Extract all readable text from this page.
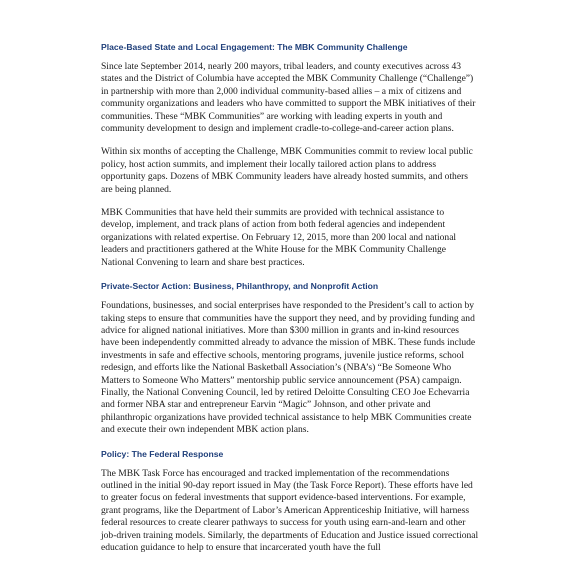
Place-Based State and Local Engagement: The MBK Community Challenge

Since late September 2014, nearly 200 mayors, tribal leaders, and county executives across 43 states and the District of Columbia have accepted the MBK Community Challenge (“Challenge”) in partnership with more than 2,000 individual community-based allies – a mix of citizens and community organizations and leaders who have committed to support the MBK initiatives of their communities. These “MBK Communities” are working with leading experts in youth and community development to design and implement cradle-to-college-and-career action plans.

Within six months of accepting the Challenge, MBK Communities commit to review local public policy, host action summits, and implement their locally tailored action plans to address opportunity gaps. Dozens of MBK Community leaders have already hosted summits, and others are being planned.

MBK Communities that have held their summits are provided with technical assistance to develop, implement, and track plans of action from both federal agencies and independent organizations with related expertise. On February 12, 2015, more than 200 local and national leaders and practitioners gathered at the White House for the MBK Community Challenge National Convening to learn and share best practices.

Private-Sector Action: Business, Philanthropy, and Nonprofit Action

Foundations, businesses, and social enterprises have responded to the President’s call to action by taking steps to ensure that communities have the support they need, and by providing funding and advice for aligned national initiatives. More than $300 million in grants and in-kind resources have been independently committed already to advance the mission of MBK. These funds include investments in safe and effective schools, mentoring programs, juvenile justice reforms, school redesign, and efforts like the National Basketball Association’s (NBA’s) “Be Someone Who Matters to Someone Who Matters” mentorship public service announcement (PSA) campaign. Finally, the National Convening Council, led by retired Deloitte Consulting CEO Joe Echevarria and former NBA star and entrepreneur Earvin “Magic” Johnson, and other private and philanthropic organizations have provided technical assistance to help MBK Communities create and execute their own independent MBK action plans.

Policy: The Federal Response

The MBK Task Force has encouraged and tracked implementation of the recommendations outlined in the initial 90-day report issued in May (the Task Force Report). These efforts have led to greater focus on federal investments that support evidence-based interventions. For example, grant programs, like the Department of Labor’s American Apprenticeship Initiative, will harness federal resources to create clearer pathways to success for youth using earn-and-learn and other job-driven training models. Similarly, the departments of Education and Justice issued correctional education guidance to help to ensure that incarcerated youth have the full
